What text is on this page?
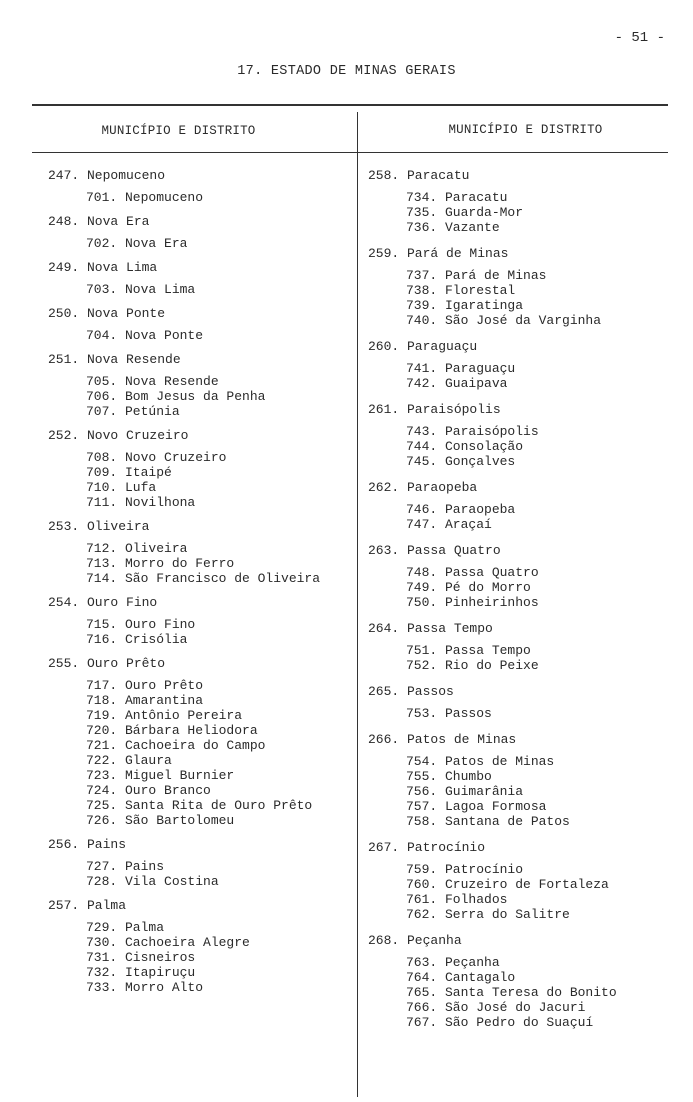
- 51 -
17. ESTADO DE MINAS GERAIS
MUNICÍPIO E DISTRITO	MUNICÍPIO E DISTRITO
247. Nepomuceno
701. Nepomuceno
248. Nova Era
702. Nova Era
249. Nova Lima
703. Nova Lima
250. Nova Ponte
704. Nova Ponte
251. Nova Resende
705. Nova Resende
706. Bom Jesus da Penha
707. Petúnia
252. Novo Cruzeiro
708. Novo Cruzeiro
709. Itaipé
710. Lufa
711. Novilhona
253. Oliveira
712. Oliveira
713. Morro do Ferro
714. São Francisco de Oliveira
254. Ouro Fino
715. Ouro Fino
716. Crisólia
255. Ouro Prêto
717. Ouro Prêto
718. Amarantina
719. Antônio Pereira
720. Bárbara Heliodora
721. Cachoeira do Campo
722. Glaura
723. Miguel Burnier
724. Ouro Branco
725. Santa Rita de Ouro Prêto
726. São Bartolomeu
256. Pains
727. Pains
728. Vila Costina
257. Palma
729. Palma
730. Cachoeira Alegre
731. Cisneiros
732. Itapiruçu
733. Morro Alto
258. Paracatu
734. Paracatu
735. Guarda-Mor
736. Vazante
259. Pará de Minas
737. Pará de Minas
738. Florestal
739. Igaratinga
740. São José da Varginha
260. Paraguaçu
741. Paraguaçu
742. Guaipava
261. Paraisópolis
743. Paraisópolis
744. Consolação
745. Gonçalves
262. Paraopeba
746. Paraopeba
747. Araçaí
263. Passa Quatro
748. Passa Quatro
749. Pé do Morro
750. Pinheirinhos
264. Passa Tempo
751. Passa Tempo
752. Rio do Peixe
265. Passos
753. Passos
266. Patos de Minas
754. Patos de Minas
755. Chumbo
756. Guimarânia
757. Lagoa Formosa
758. Santana de Patos
267. Patrocínio
759. Patrocínio
760. Cruzeiro de Fortaleza
761. Folhados
762. Serra do Salitre
268. Peçanha
763. Peçanha
764. Cantagalo
765. Santa Teresa do Bonito
766. São José do Jacuri
767. São Pedro do Suaçuí
